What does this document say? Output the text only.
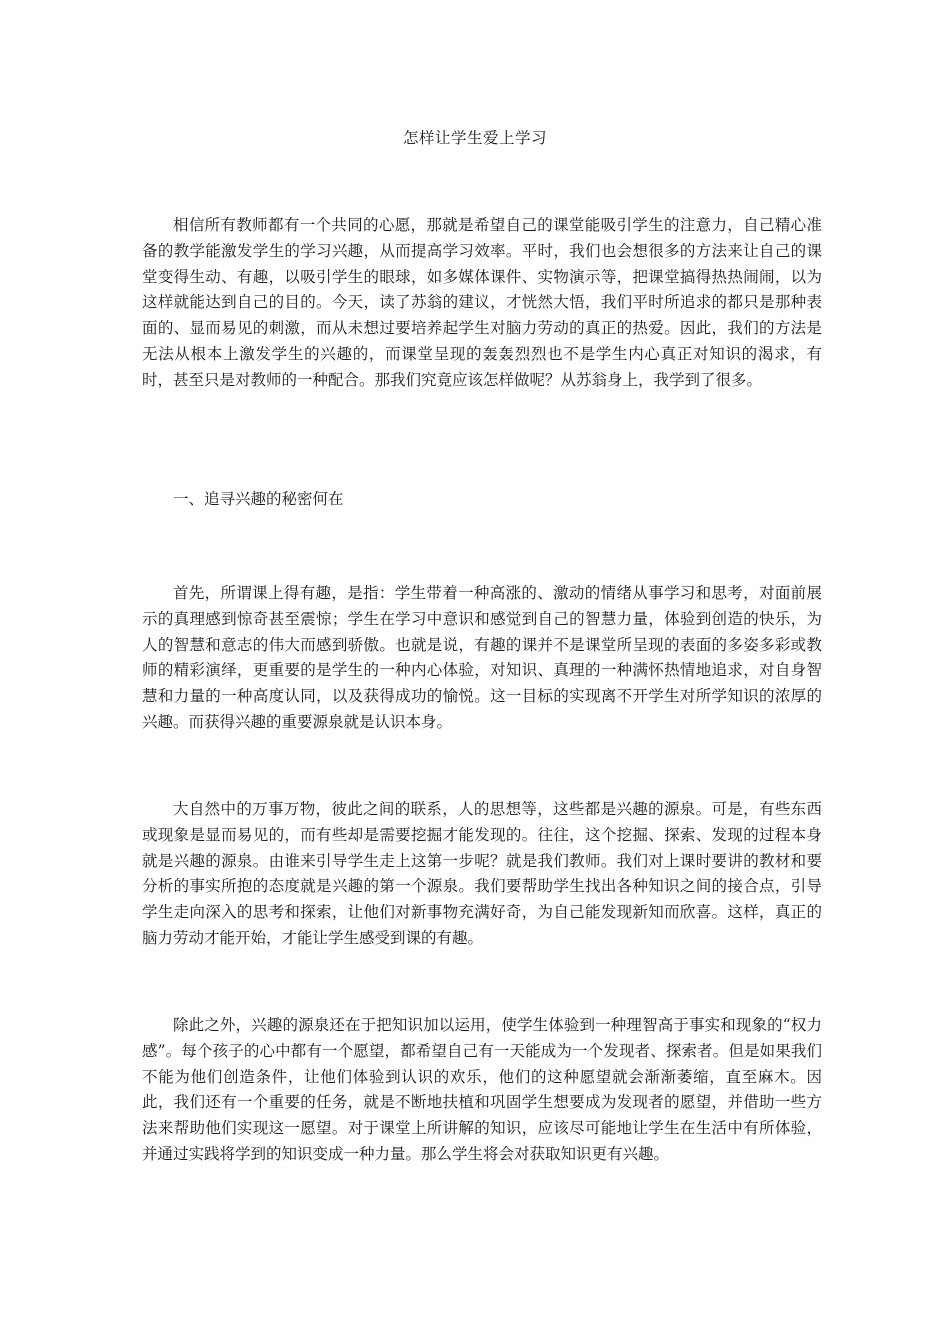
怎样让学生爱上学习

相信所有教师都有一个共同的心愿，那就是希望自己的课堂能吸引学生的注意力，自己精心准备的教学能激发学生的学习兴趣，从而提高学习效率。平时，我们也会想很多的方法来让自己的课堂变得生动、有趣，以吸引学生的眼球，如多媒体课件、实物演示等，把课堂搞得热热闹闹，以为这样就能达到自己的目的。今天，读了苏翁的建议，才恍然大悟，我们平时所追求的都只是那种表面的、显而易见的刺激，而从未想过要培养起学生对脑力劳动的真正的热爱。因此，我们的方法是无法从根本上激发学生的兴趣的，而课堂呈现的轰轰烈烈也不是学生内心真正对知识的渴求，有时，甚至只是对教师的一种配合。那我们究竟应该怎样做呢？从苏翁身上，我学到了很多。

一、追寻兴趣的秘密何在

首先，所谓课上得有趣，是指：学生带着一种高涨的、激动的情绪从事学习和思考，对面前展示的真理感到惊奇甚至震惊；学生在学习中意识和感觉到自己的智慧力量，体验到创造的快乐，为人的智慧和意志的伟大而感到骄傲。也就是说，有趣的课并不是课堂所呈现的表面的多姿多彩或教师的精彩演绎，更重要的是学生的一种内心体验，对知识、真理的一种满怀热情地追求，对自身智慧和力量的一种高度认同，以及获得成功的愉悦。这一目标的实现离不开学生对所学知识的浓厚的兴趣。而获得兴趣的重要源泉就是认识本身。

大自然中的万事万物，彼此之间的联系，人的思想等，这些都是兴趣的源泉。可是，有些东西或现象是显而易见的，而有些却是需要挖掘才能发现的。往往，这个挖掘、探索、发现的过程本身就是兴趣的源泉。由谁来引导学生走上这第一步呢？就是我们教师。我们对上课时要讲的教材和要分析的事实所抱的态度就是兴趣的第一个源泉。我们要帮助学生找出各种知识之间的接合点，引导学生走向深入的思考和探索，让他们对新事物充满好奇，为自己能发现新知而欣喜。这样，真正的脑力劳动才能开始，才能让学生感受到课的有趣。

除此之外，兴趣的源泉还在于把知识加以运用，使学生体验到一种理智高于事实和现象的“权力感”。每个孩子的心中都有一个愿望，都希望自己有一天能成为一个发现者、探索者。但是如果我们不能为他们创造条件，让他们体验到认识的欢乐，他们的这种愿望就会渐渐萎缩，直至麻木。因此，我们还有一个重要的任务，就是不断地扶植和巩固学生想要成为发现者的愿望，并借助一些方法来帮助他们实现这一愿望。对于课堂上所讲解的知识，应该尽可能地让学生在生活中有所体验，并通过实践将学到的知识变成一种力量。那么学生将会对获取知识更有兴趣。
